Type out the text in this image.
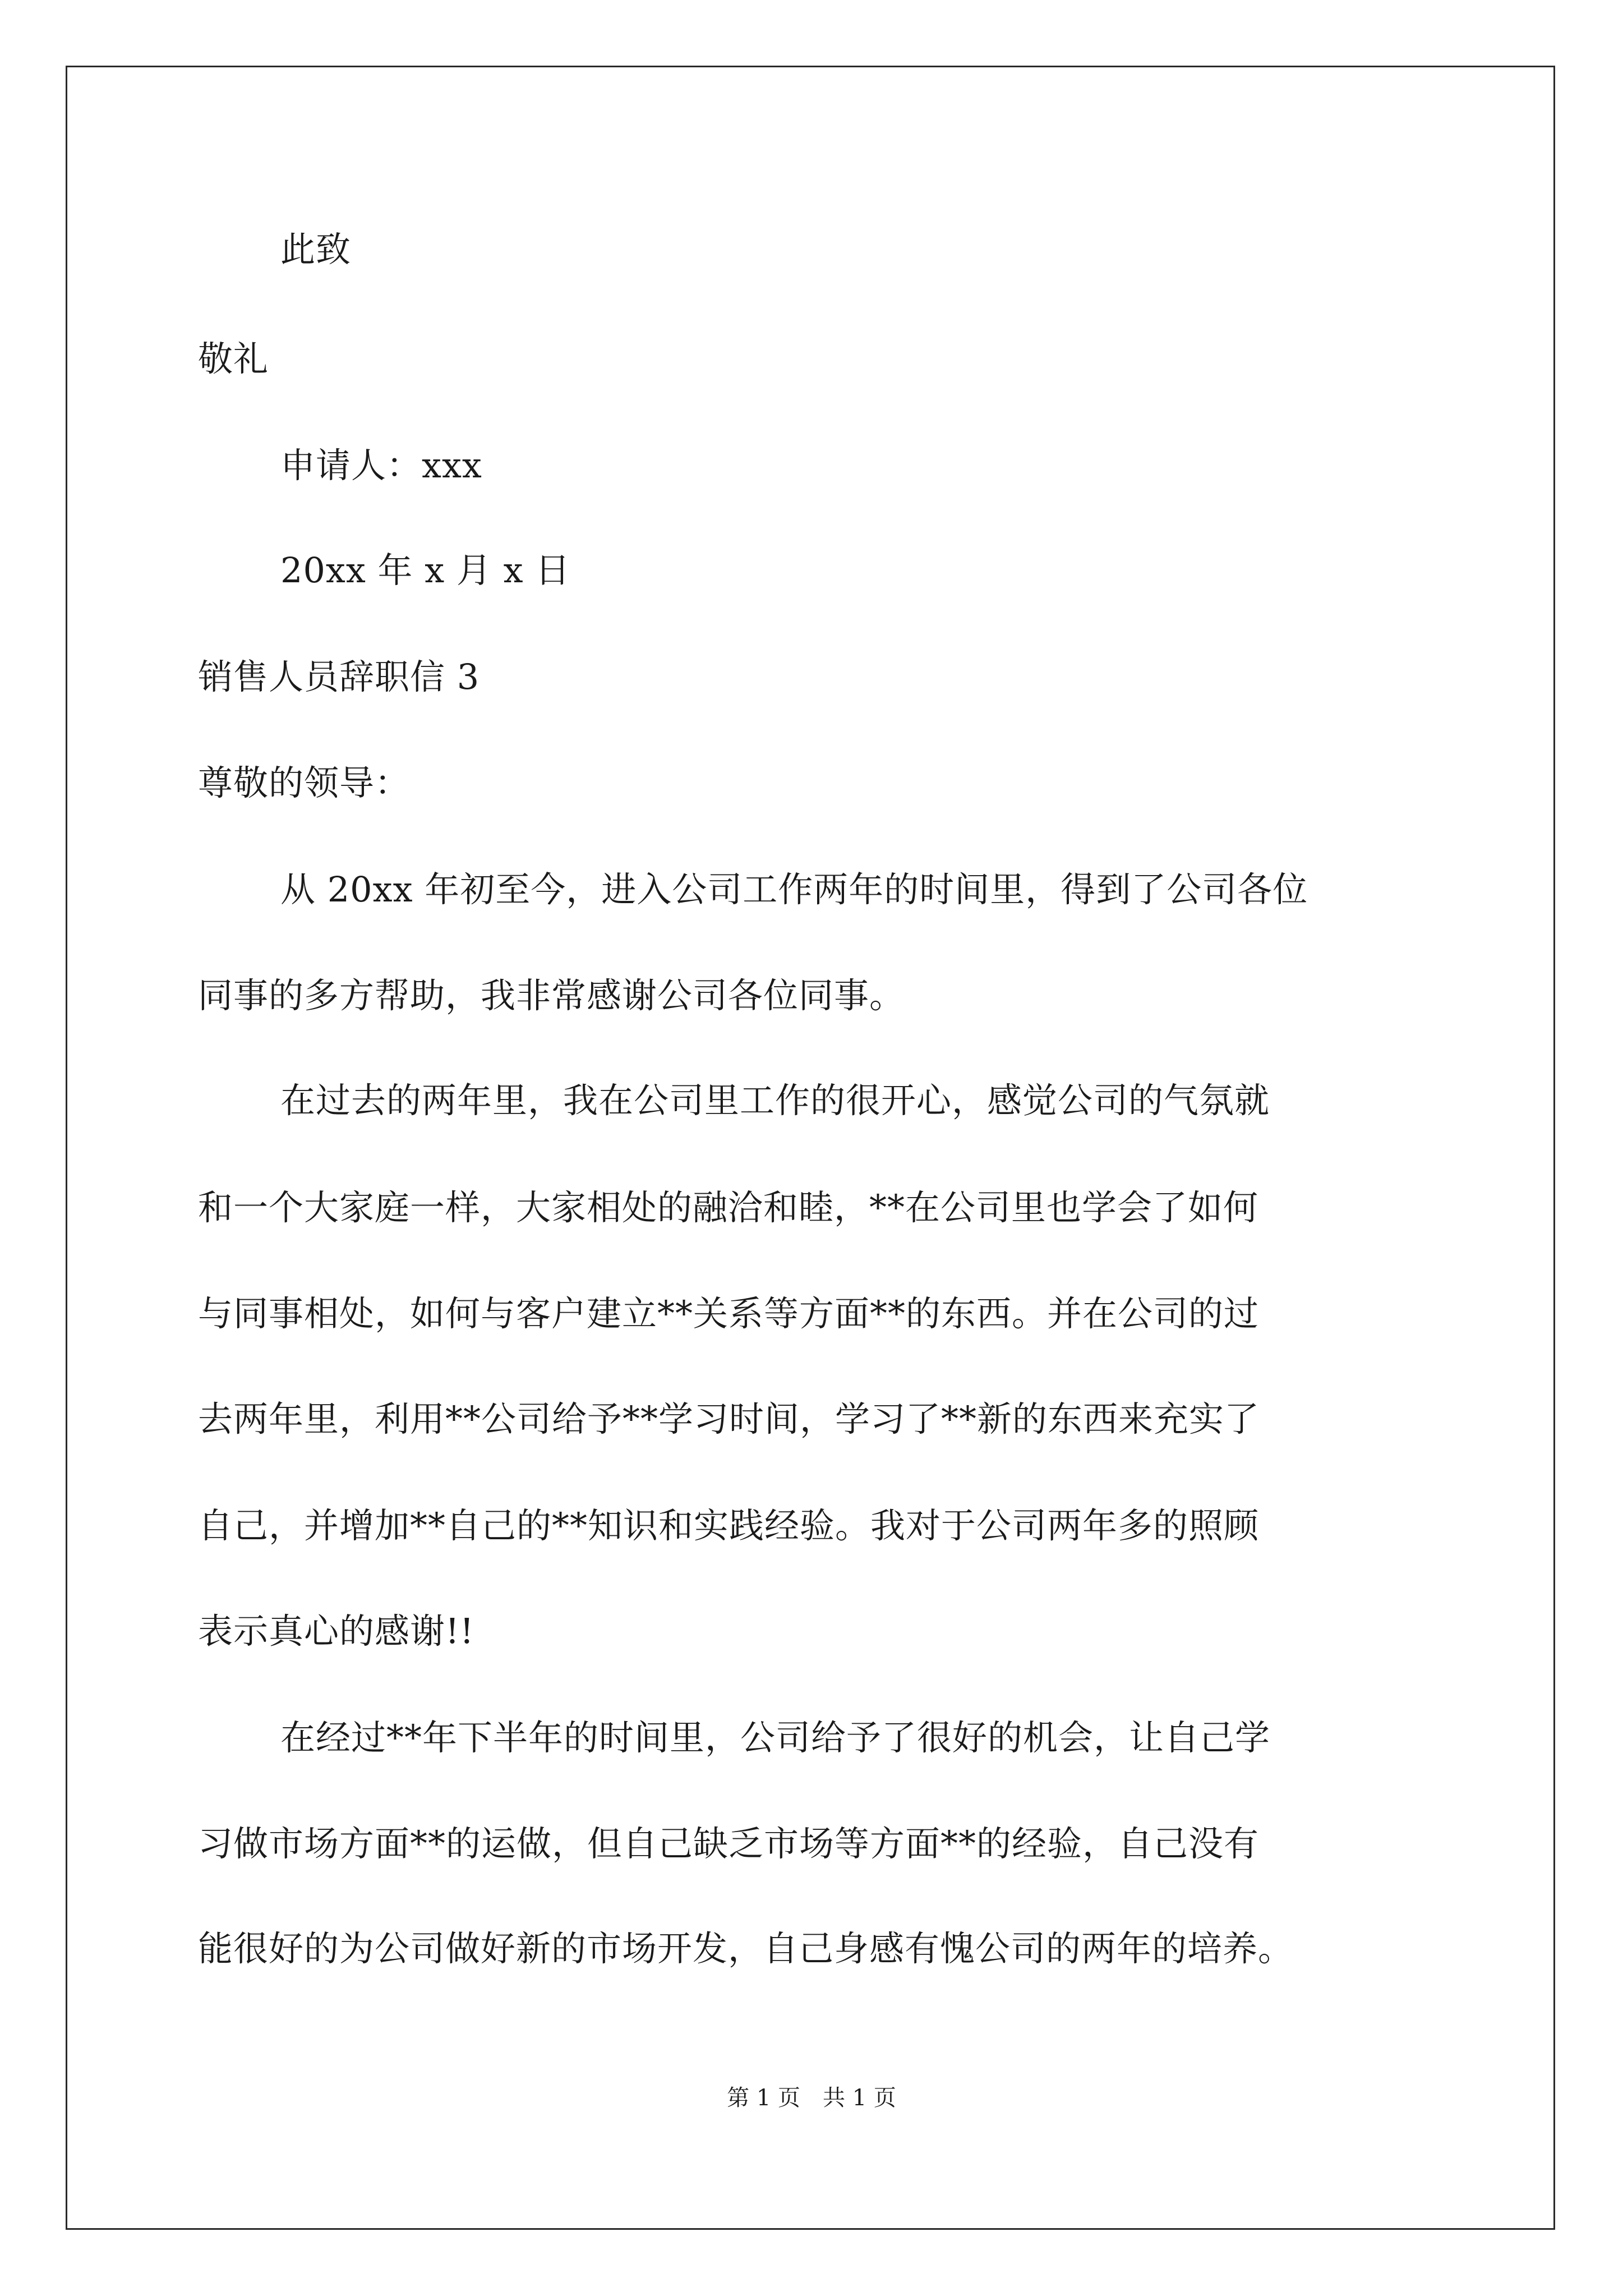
此致
敬礼
申请人：xxx
20xx 年 x 月 x 日
销售人员辞职信 3
尊敬的领导：
从 20xx 年初至今，进入公司工作两年的时间里，得到了公司各位
同事的多方帮助，我非常感谢公司各位同事。
在过去的两年里，我在公司里工作的很开心，感觉公司的气氛就
和一个大家庭一样，大家相处的融洽和睦，**在公司里也学会了如何
与同事相处，如何与客户建立**关系等方面**的东西。并在公司的过
去两年里，利用**公司给予**学习时间，学习了**新的东西来充实了
自己，并增加**自己的**知识和实践经验。我对于公司两年多的照顾
表示真心的感谢!!
在经过**年下半年的时间里，公司给予了很好的机会，让自己学
习做市场方面**的运做，但自己缺乏市场等方面**的经验，自己没有
能很好的为公司做好新的市场开发，自己身感有愧公司的两年的培养。
第 1 页　共 1 页
